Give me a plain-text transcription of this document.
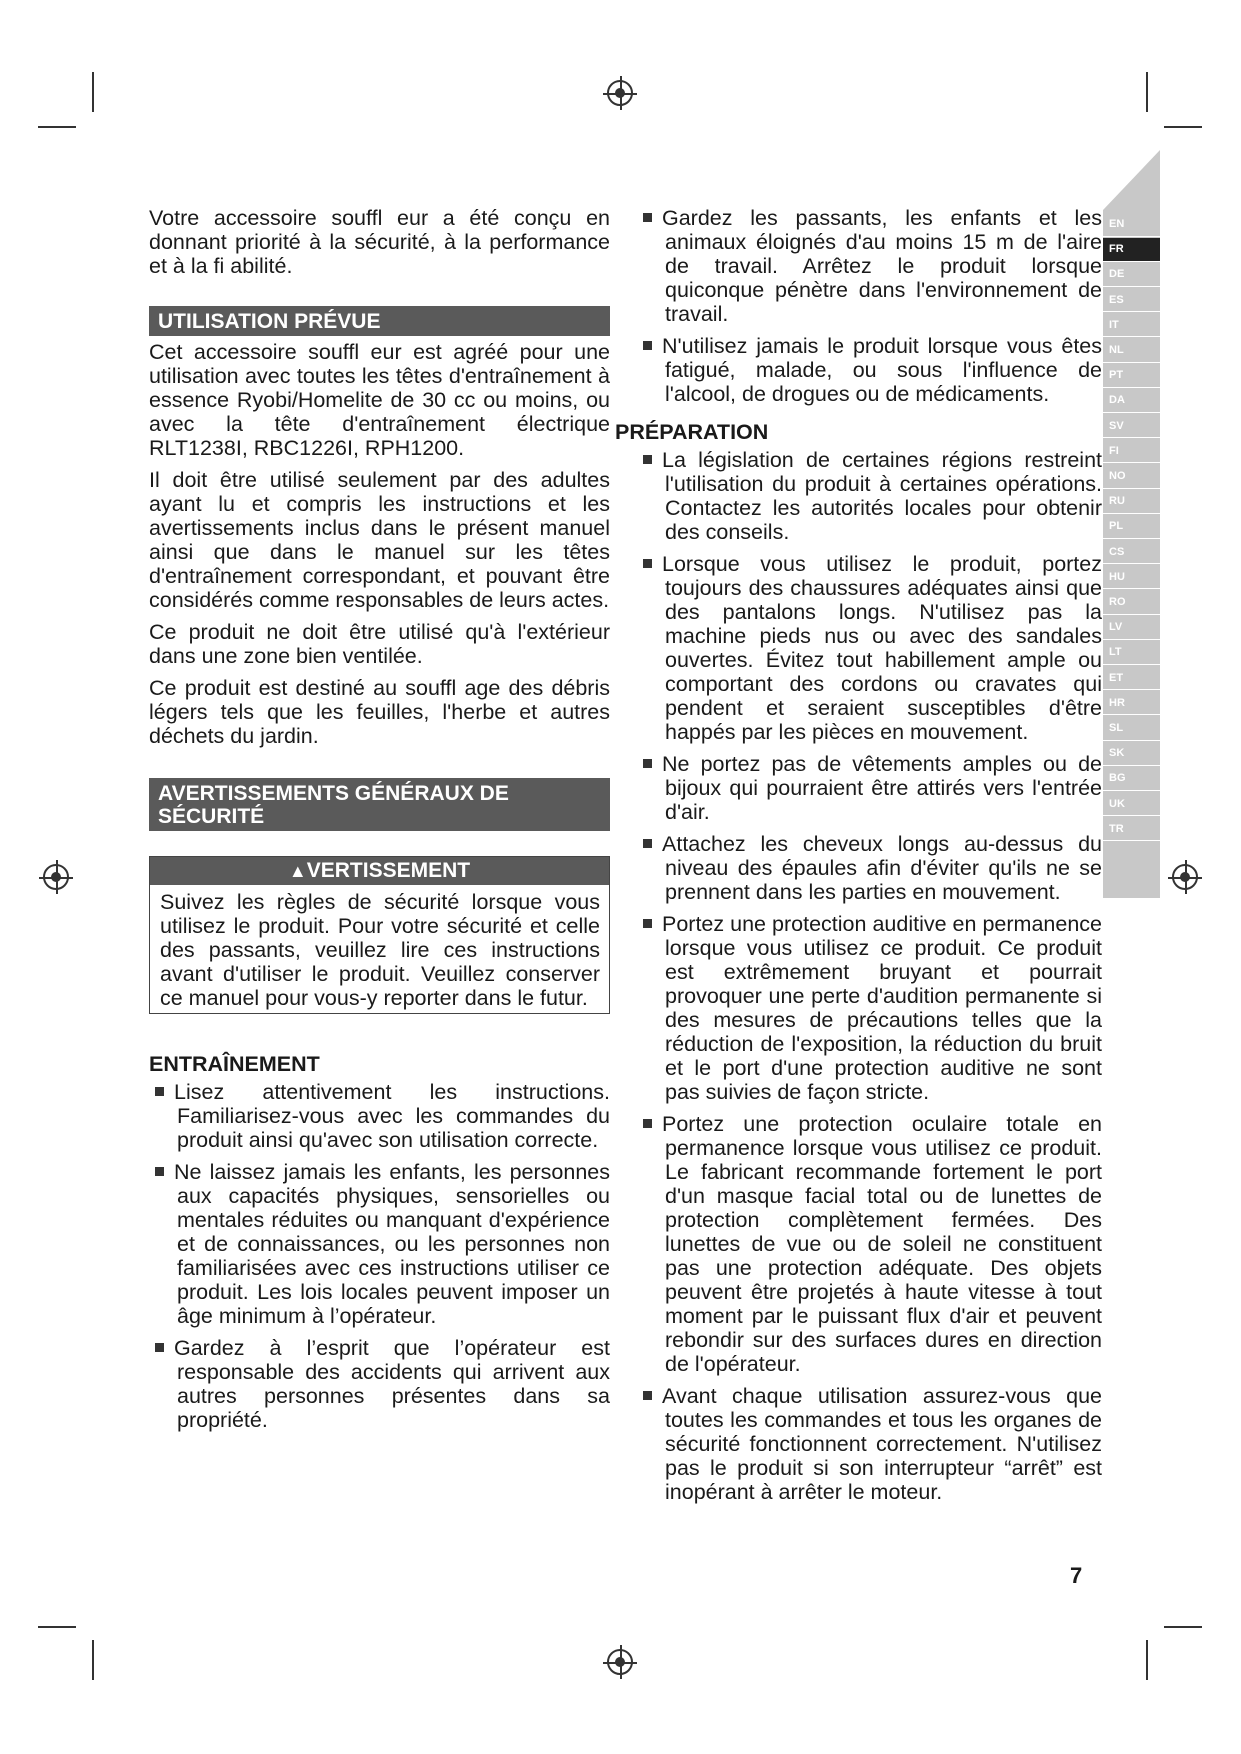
EN
FR
DE
ES
IT
NL
PT
DA
SV
FI
NO
RU
PL
CS
HU
RO
LV
LT
ET
HR
SL
SK
BG
UK
TR

Votre accessoire souffl eur a été conçu en donnant priorité à la sécurité, à la performance et à la fi abilité.

UTILISATION PRÉVUE

Cet accessoire souffl eur est agréé pour une utilisation avec toutes les têtes d'entraînement à essence Ryobi/Homelite de 30 cc ou moins, ou avec la tête d'entraînement électrique RLT1238I, RBC1226I, RPH1200.

Il doit être utilisé seulement par des adultes ayant lu et compris les instructions et les avertissements inclus dans le présent manuel ainsi que dans le manuel sur les têtes d'entraînement correspondant, et pouvant être considérés comme responsables de leurs actes.

Ce produit ne doit être utilisé qu'à l'extérieur dans une zone bien ventilée.

Ce produit est destiné au souffl age des débris légers tels que les feuilles, l'herbe et autres déchets du jardin.

AVERTISSEMENTS GÉNÉRAUX DE SÉCURITÉ
▲VERTISSEMENT
Suivez les règles de sécurité lorsque vous utilisez le produit. Pour votre sécurité et celle des passants, veuillez lire ces instructions avant d'utiliser le produit. Veuillez conserver ce manuel pour vous-y reporter dans le futur.
ENTRAÎNEMENT
Lisez attentivement les instructions. Familiarisez-vous avec les commandes du produit ainsi qu'avec son utilisation correcte.
Ne laissez jamais les enfants, les personnes aux capacités physiques, sensorielles ou mentales réduites ou manquant d'expérience et de connaissances, ou les personnes non familiarisées avec ces instructions utiliser ce produit. Les lois locales peuvent imposer un âge minimum à l’opérateur.
Gardez à l’esprit que l’opérateur est responsable des accidents qui arrivent aux autres personnes présentes dans sa propriété.
Gardez les passants, les enfants et les animaux éloignés d'au moins 15 m de l'aire de travail. Arrêtez le produit lorsque quiconque pénètre dans l'environnement de travail.
N'utilisez jamais le produit lorsque vous êtes fatigué, malade, ou sous l'influence de l'alcool, de drogues ou de médicaments.
PRÉPARATION
La législation de certaines régions restreint l'utilisation du produit à certaines opérations. Contactez les autorités locales pour obtenir des conseils.
Lorsque vous utilisez le produit, portez toujours des chaussures adéquates ainsi que des pantalons longs. N'utilisez pas la machine pieds nus ou avec des sandales ouvertes. Évitez tout habillement ample ou comportant des cordons ou cravates qui pendent et seraient susceptibles d'être happés par les pièces en mouvement.
Ne portez pas de vêtements amples ou de bijoux qui pourraient être attirés vers l'entrée d'air.
Attachez les cheveux longs au-dessus du niveau des épaules afin d'éviter qu'ils ne se prennent dans les parties en mouvement.
Portez une protection auditive en permanence lorsque vous utilisez ce produit. Ce produit est extrêmement bruyant et pourrait provoquer une perte d'audition permanente si des mesures de précautions telles que la réduction de l'exposition, la réduction du bruit et le port d'une protection auditive ne sont pas suivies de façon stricte.
Portez une protection oculaire totale en permanence lorsque vous utilisez ce produit. Le fabricant recommande fortement le port d'un masque facial total ou de lunettes de protection complètement fermées. Des lunettes de vue ou de soleil ne constituent pas une protection adéquate. Des objets peuvent être projetés à haute vitesse à tout moment par le puissant flux d'air et peuvent rebondir sur des surfaces dures en direction de l'opérateur.
Avant chaque utilisation assurez-vous que toutes les commandes et tous les organes de sécurité fonctionnent correctement. N'utilisez pas le produit si son interrupteur “arrêt” est inopérant à arrêter le moteur.
7
